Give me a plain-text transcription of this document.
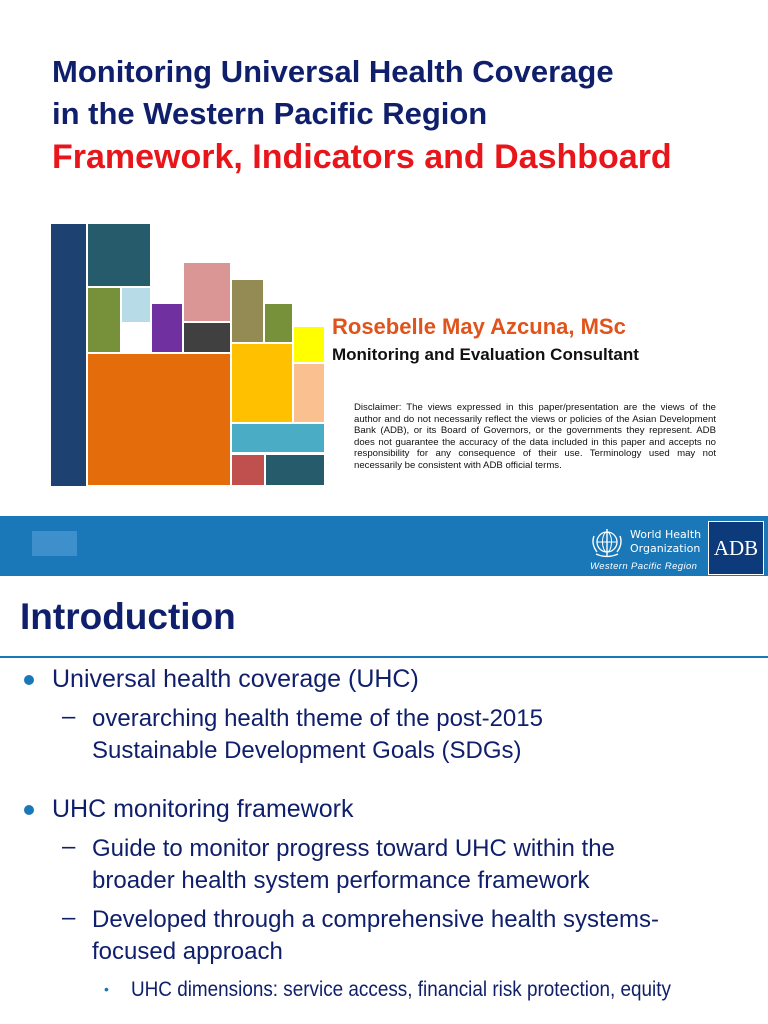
Monitoring Universal Health Coverage
in the Western Pacific Region
Framework, Indicators and Dashboard
Rosebelle May Azcuna, MSc
Monitoring and Evaluation Consultant
Disclaimer: The views expressed in this paper/presentation are the views of the author and do not necessarily reflect the views or policies of the Asian Development Bank (ADB), or its Board of Governors, or the governments they represent. ADB does not guarantee the accuracy of the data included in this paper and accepts no responsibility for any consequence of their use. Terminology used may not necessarily be consistent with ADB official terms.
World Health
Organization
Western Pacific Region
ADB
Introduction
Universal health coverage (UHC)
– overarching health theme of the post-2015
Sustainable Development Goals (SDGs)
UHC monitoring framework
– Guide to monitor progress toward UHC within the
broader health system performance framework
– Developed through a comprehensive health systems-
focused approach
• UHC dimensions: service access, financial risk protection, equity
